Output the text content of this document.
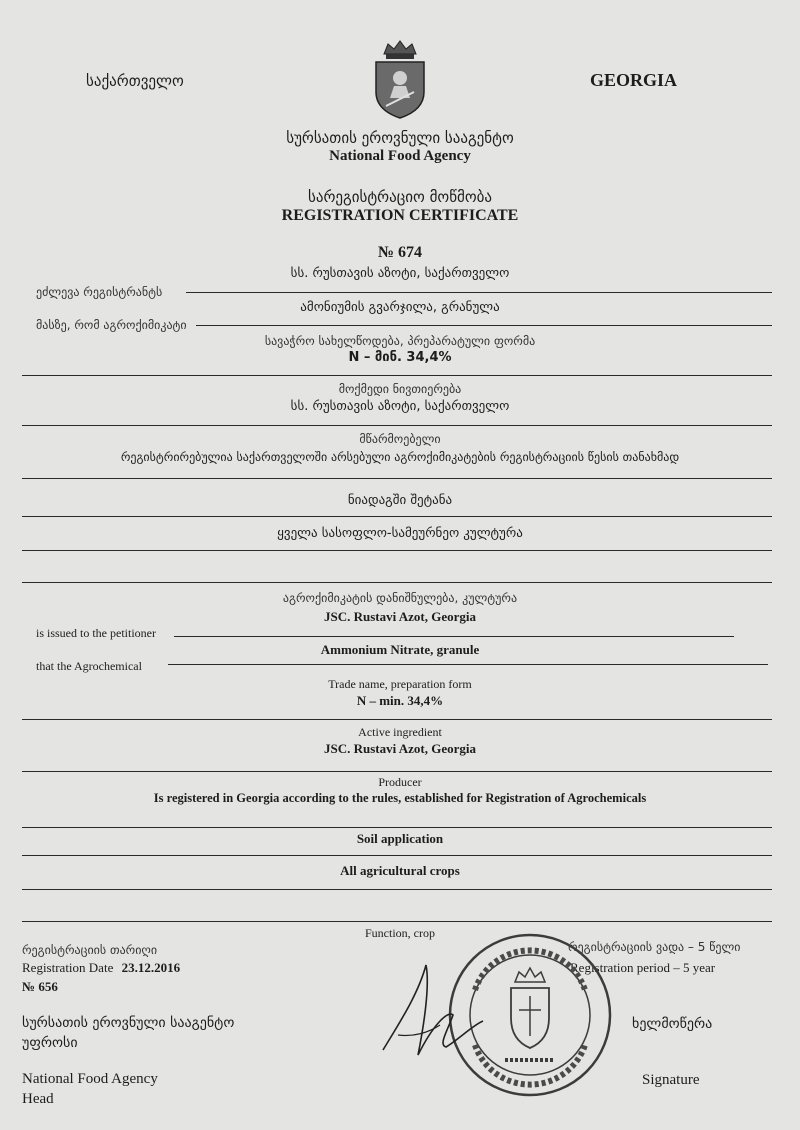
საქართველო	GEORGIA
სურსათის ეროვნული სააგენტო
National Food Agency
სარეგისტრაციო მოწმობა
REGISTRATION CERTIFICATE
№ 674
სს. რუსთავის აზოტი, საქართველო
ეძლევა რეგისტრანტს
ამონიუმის გვარჯილა, გრანულა
მასზე, რომ აგროქიმიკატი
სავაჭრო სახელწოდება, პრეპარატული ფორმა
N – მინ. 34,4%
მოქმედი ნივთიერება
სს. რუსთავის აზოტი, საქართველო
მწარმოებელი
რეგისტრირებულია საქართველოში არსებული აგროქიმიკატების რეგისტრაციის წესის თანახმად
ნიადაგში შეტანა
ყველა სასოფლო-სამეურნეო კულტურა
აგროქიმიკატის დანიშნულება, კულტურა
JSC. Rustavi Azot, Georgia
is issued to the petitioner
Ammonium Nitrate, granule
that the Agrochemical
Trade name, preparation form
N – min. 34,4%
Active ingredient
JSC. Rustavi Azot, Georgia
Producer
Is registered in Georgia according to the rules, established for Registration of Agrochemicals
Soil application
All agricultural crops
Function, crop
რეგისტრაციის თარიღი
Registration Date 23.12.2016
№ 656
რეგისტრაციის ვადა – 5 წელი
Registration period – 5 year
სურსათის ეროვნული სააგენტო
უფროსი
National Food Agency
Head
ხელმოწერა
Signature
